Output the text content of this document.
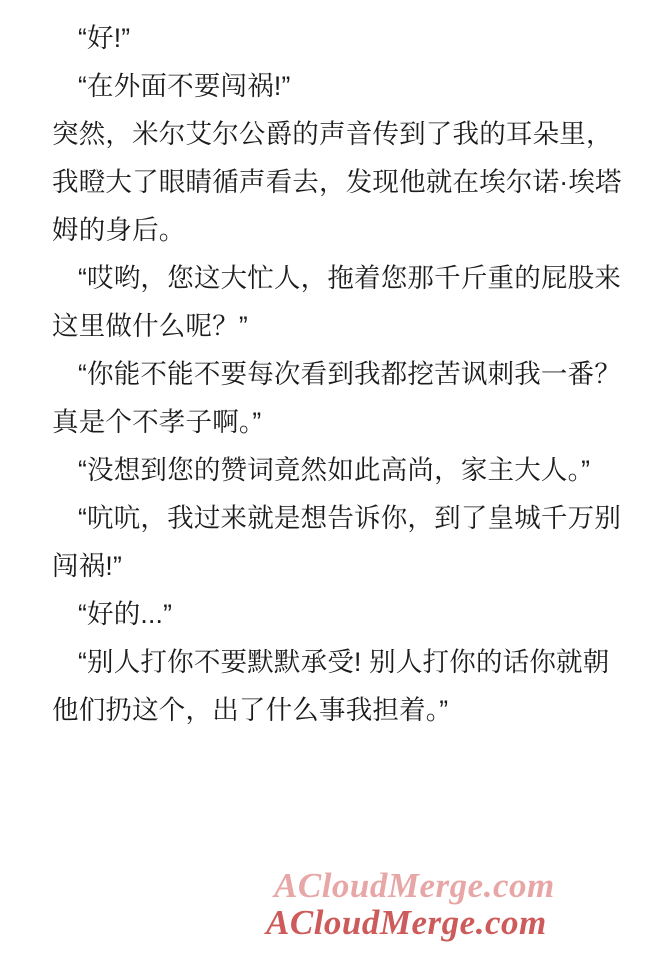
“好!”

“在外面不要闯祸!”

突然，米尔艾尔公爵的声音传到了我的耳朵里，我瞪大了眼睛循声看去，发现他就在埃尔诺·埃塔姆的身后。

“哎哟，您这大忙人，拖着您那千斤重的屁股来这里做什么呢？”

“你能不能不要每次看到我都挖苦讽刺我一番？真是个不孝子啊。”

“没想到您的赞词竟然如此高尚，家主大人。”

“吭吭，我过来就是想告诉你，到了皇城千万别闯祸!”

“好的...”

“别人打你不要默默承受! 别人打你的话你就朝他们扔这个，出了什么事我担着。”

ACloudMerge.com
ACloudMerge.com
